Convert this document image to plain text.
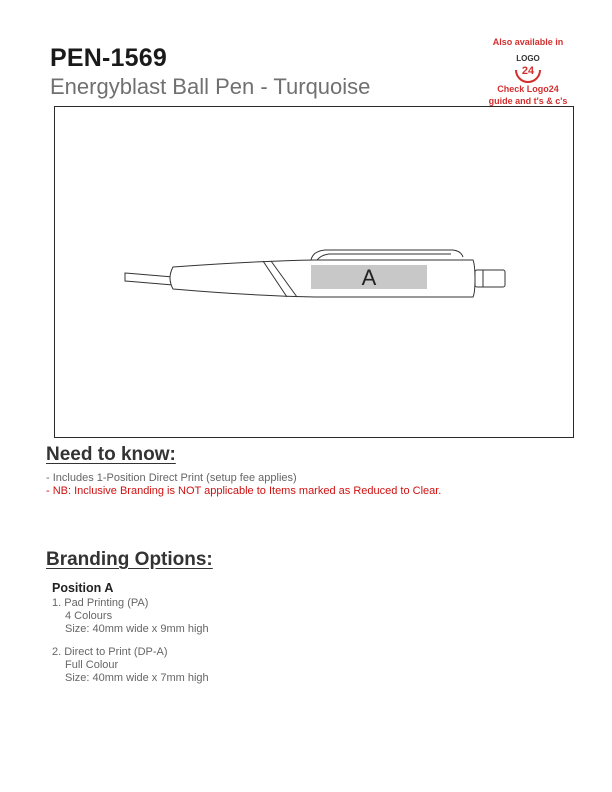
PEN-1569

Energyblast Ball Pen - Turquoise

Also available in
LOGO
24
Check Logo24
guide and t's & c's
A
Need to know:

- Includes 1-Position Direct Print (setup fee applies)

- NB: Inclusive Branding is NOT applicable to Items marked as Reduced to Clear.

Branding Options:

Position A

1. Pad Printing (PA)
4 Colours
Size: 40mm wide x 9mm high
2. Direct to Print (DP-A)
Full Colour
Size: 40mm wide x 7mm high
